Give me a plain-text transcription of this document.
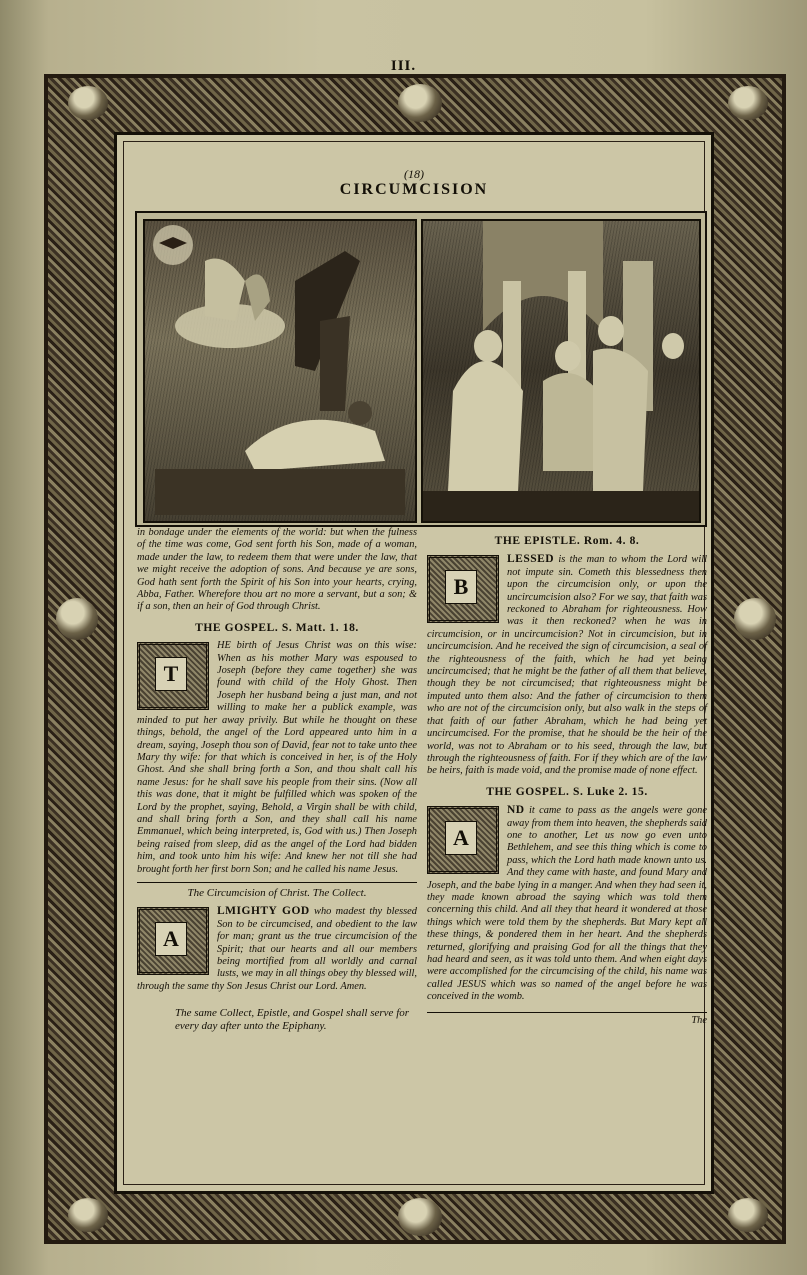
III.
(18)
CIRCUMCISION

in bondage under the elements of the world: but when the fulness of the time was come, God sent forth his Son, made of a woman, made under the law, to redeem them that were under the law, that we might receive the adoption of sons. And because ye are sons, God hath sent forth the Spirit of his Son into your hearts, crying, Abba, Father. Wherefore thou art no more a servant, but a son; & if a son, then an heir of God through Christ.

THE GOSPEL. S. Matt. 1. 18.
T

HE birth of Jesus Christ was on this wise: When as his mother Mary was espoused to Joseph (before they came together) she was found with child of the Holy Ghost. Then Joseph her husband being a just man, and not willing to make her a publick example, was minded to put her away privily. But while he thought on these things, behold, the angel of the Lord appeared unto him in a dream, saying, Joseph thou son of David, fear not to take unto thee Mary thy wife: for that which is conceived in her, is of the Holy Ghost. And she shall bring forth a Son, and thou shalt call his name Jesus: for he shall save his people from their sins. (Now all this was done, that it might be fulfilled which was spoken of the Lord by the prophet, saying, Behold, a Virgin shall be with child, and shall bring forth a Son, and they shall call his name Emmanuel, which being interpreted, is, God with us.) Then Joseph being raised from sleep, did as the angel of the Lord had bidden him, and took unto him his wife: And knew her not till she had brought forth her first born Son; and he called his name Jesus.

The Circumcision of Christ. The Collect.
A

LMIGHTY GOD who madest thy blessed Son to be circumcised, and obedient to the law for man; grant us the true circumcision of the Spirit; that our hearts and all our members being mortified from all worldly and carnal lusts, we may in all things obey thy blessed will, through the same thy Son Jesus Christ our Lord. Amen.

The same Collect, Epistle, and Gospel shall serve for every day after unto the Epiphany.
THE EPISTLE. Rom. 4. 8.
B

LESSED is the man to whom the Lord will not impute sin. Cometh this blessedness then upon the circumcision only, or upon the uncircumcision also? For we say, that faith was reckoned to Abraham for righteousness. How was it then reckoned? when he was in circumcision, or in uncircumcision? Not in circumcision, but in uncircumcision. And he received the sign of circumcision, a seal of the righteousness of the faith, which he had yet being uncircumcised; that he might be the father of all them that believe, though they be not circumcised; that righteousness might be imputed unto them also: And the father of circumcision to them who are not of the circumcision only, but also walk in the steps of that faith of our father Abraham, which he had being yet uncircumcised. For the promise, that he should be the heir of the world, was not to Abraham or to his seed, through the law, but through the righteousness of faith. For if they which are of the law be heirs, faith is made void, and the promise made of none effect.

THE GOSPEL. S. Luke 2. 15.
A

ND it came to pass as the angels were gone away from them into heaven, the shepherds said one to another, Let us now go even unto Bethlehem, and see this thing which is come to pass, which the Lord hath made known unto us. And they came with haste, and found Mary and Joseph, and the babe lying in a manger. And when they had seen it, they made known abroad the saying which was told them concerning this child. And all they that heard it wondered at those things which were told them by the shepherds. But Mary kept all these things, & pondered them in her heart. And the shepherds returned, glorifying and praising God for all the things that they had heard and seen, as it was told unto them. And when eight days were accomplished for the circumcising of the child, his name was called JESUS which was so named of the angel before he was conceived in the womb.

The
